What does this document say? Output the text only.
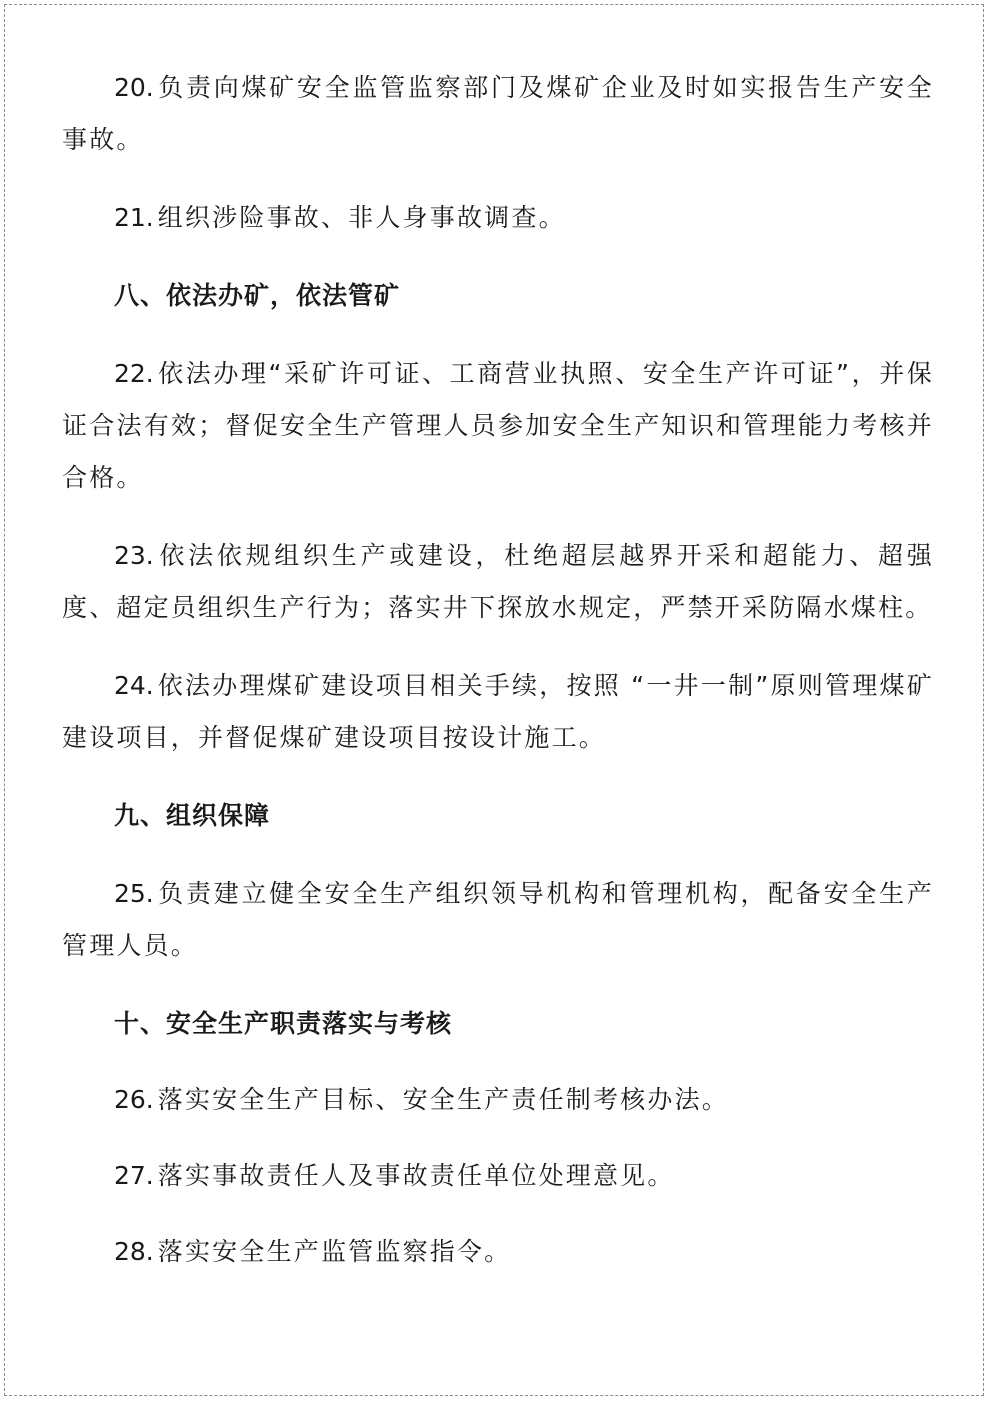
20. 负责向煤矿安全监管监察部门及煤矿企业及时如实报告生产安全事故。

21. 组织涉险事故、非人身事故调查。

八、依法办矿，依法管矿

22. 依法办理“采矿许可证、工商营业执照、安全生产许可证”，并保证合法有效；督促安全生产管理人员参加安全生产知识和管理能力考核并合格。

23. 依法依规组织生产或建设，杜绝超层越界开采和超能力、超强度、超定员组织生产行为；落实井下探放水规定，严禁开采防隔水煤柱。

24. 依法办理煤矿建设项目相关手续，按照 “一井一制”原则管理煤矿建设项目，并督促煤矿建设项目按设计施工。

九、组织保障

25. 负责建立健全安全生产组织领导机构和管理机构，配备安全生产管理人员。

十、安全生产职责落实与考核

26. 落实安全生产目标、安全生产责任制考核办法。

27. 落实事故责任人及事故责任单位处理意见。

28. 落实安全生产监管监察指令。
